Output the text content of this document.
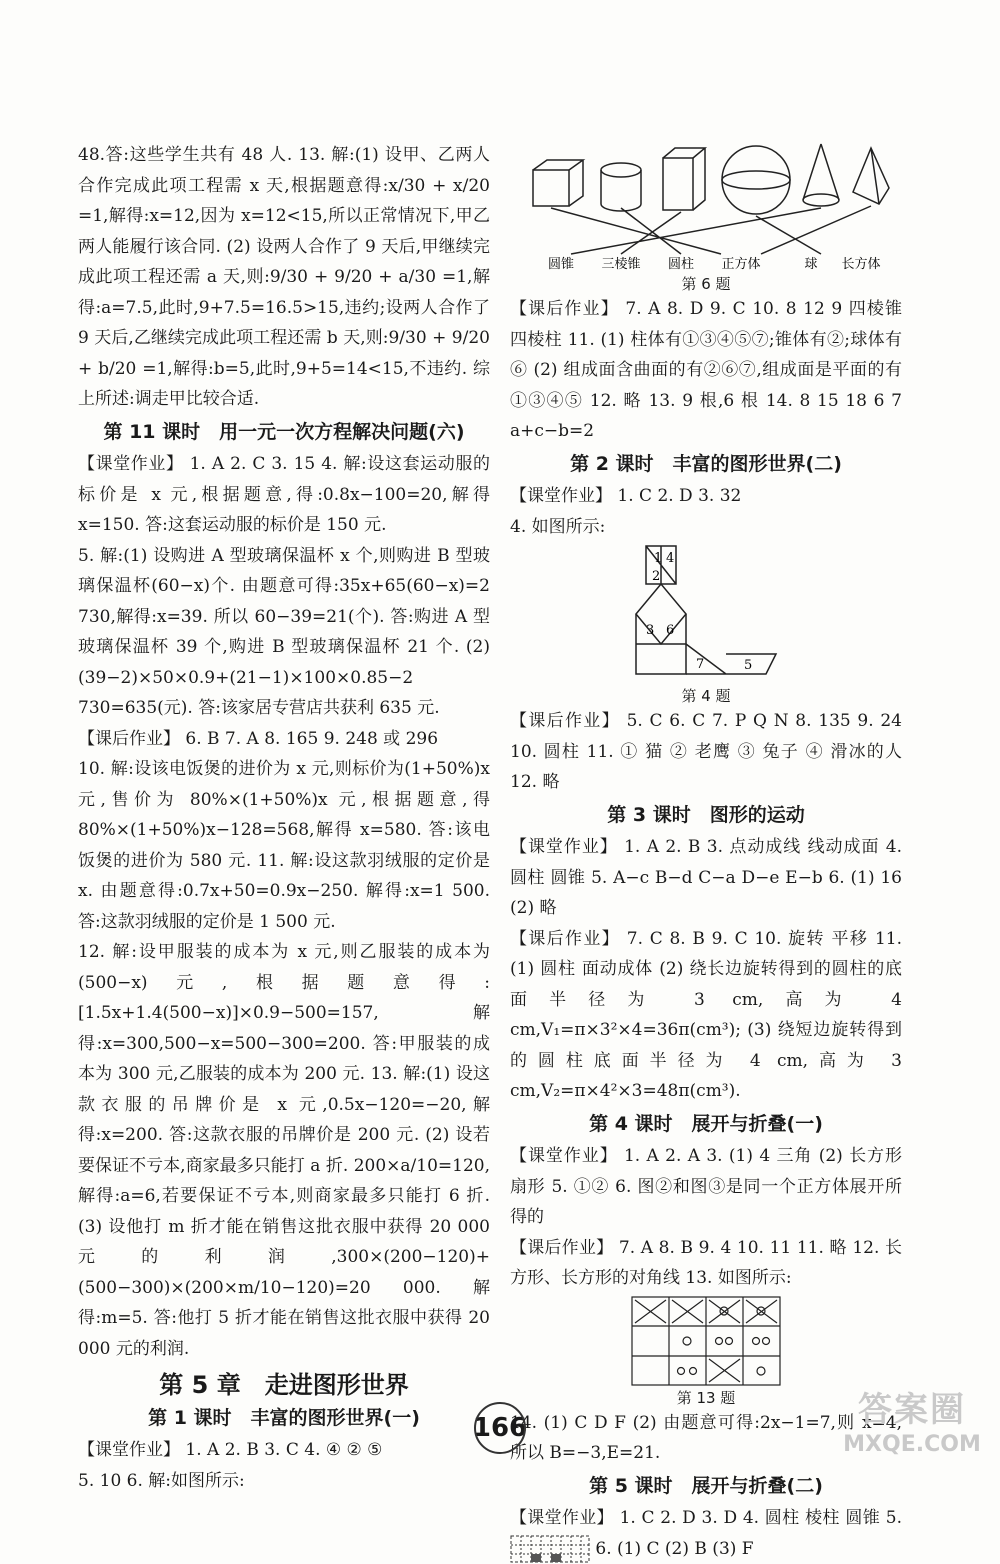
48.答:这些学生共有 48 人. 13. 解:(1) 设甲、乙两人合作完成此项工程需 x 天,根据题意得:x/30 + x/20 =1,解得:x=12,因为 x=12<15,所以正常情况下,甲乙两人能履行该合同. (2) 设两人合作了 9 天后,甲继续完成此项工程还需 a 天,则:9/30 + 9/20 + a/30 =1,解得:a=7.5,此时,9+7.5=16.5>15,违约;设两人合作了 9 天后,乙继续完成此项工程还需 b 天,则:9/30 + 9/20 + b/20 =1,解得:b=5,此时,9+5=14<15,不违约. 综上所述:调走甲比较合适.

第 11 课时　用一元一次方程解决问题(六)

【课堂作业】 1. A 2. C 3. 15 4. 解:设这套运动服的标价是 x 元,根据题意,得:0.8x−100=20,解得 x=150. 答:这套运动服的标价是 150 元.

5. 解:(1) 设购进 A 型玻璃保温杯 x 个,则购进 B 型玻璃保温杯(60−x)个. 由题意可得:35x+65(60−x)=2 730,解得:x=39. 所以 60−39=21(个). 答:购进 A 型玻璃保温杯 39 个,购进 B 型玻璃保温杯 21 个. (2) (39−2)×50×0.9+(21−1)×100×0.85−2 730=635(元). 答:该家居专营店共获利 635 元.

【课后作业】 6. B 7. A 8. 165 9. 248 或 296

10. 解:设该电饭煲的进价为 x 元,则标价为(1+50%)x 元,售价为 80%×(1+50%)x 元,根据题意,得 80%×(1+50%)x−128=568,解得 x=580. 答:该电饭煲的进价为 580 元. 11. 解:设这款羽绒服的定价是 x. 由题意得:0.7x+50=0.9x−250. 解得:x=1 500. 答:这款羽绒服的定价是 1 500 元.

12. 解:设甲服装的成本为 x 元,则乙服装的成本为(500−x)元,根据题意得:[1.5x+1.4(500−x)]×0.9−500=157,解得:x=300,500−x=500−300=200. 答:甲服装的成本为 300 元,乙服装的成本为 200 元. 13. 解:(1) 设这款衣服的吊牌价是 x 元,0.5x−120=−20,解得:x=200. 答:这款衣服的吊牌价是 200 元. (2) 设若要保证不亏本,商家最多只能打 a 折. 200×a/10=120,解得:a=6,若要保证不亏本,则商家最多只能打 6 折. (3) 设他打 m 折才能在销售这批衣服中获得 20 000 元的利润,300×(200−120)+(500−300)×(200×m/10−120)=20 000. 解得:m=5. 答:他打 5 折才能在销售这批衣服中获得 20 000 元的利润.

第 5 章　走进图形世界
第 1 课时　丰富的图形世界(一)

【课堂作业】 1. A 2. B 3. C 4. ④ ② ⑤

5. 10 6. 解:如图所示:

圆锥 三棱锥 圆柱 正方体	球 长方体
第 6 题

【课后作业】 7. A 8. D 9. C 10. 8 12 9 四棱锥 四棱柱 11. (1) 柱体有①③④⑤⑦;锥体有②;球体有⑥ (2) 组成面含曲面的有②⑥⑦,组成面是平面的有①③④⑤ 12. 略 13. 9 根,6 根 14. 8 15 18 6 7 a+c−b=2

第 2 课时　丰富的图形世界(二)

【课堂作业】 1. C 2. D 3. 32

4. 如图所示:

1
2
4
3 6
7	5
第 4 题

【课后作业】 5. C 6. C 7. P Q N 8. 135 9. 24 10. 圆柱 11. ① 猫 ② 老鹰 ③ 兔子 ④ 滑冰的人 12. 略

第 3 课时　图形的运动

【课堂作业】 1. A 2. B 3. 点动成线 线动成面 4. 圆柱 圆锥 5. A−c B−d C−a D−e E−b 6. (1) 16 (2) 略

【课后作业】 7. C 8. B 9. C 10. 旋转 平移 11. (1) 圆柱 面动成体 (2) 绕长边旋转得到的圆柱的底面半径为 3 cm,高为 4 cm,V₁=π×3²×4=36π(cm³); (3) 绕短边旋转得到的圆柱底面半径为 4 cm,高为 3 cm,V₂=π×4²×3=48π(cm³).

第 4 课时　展开与折叠(一)

【课堂作业】 1. A 2. A 3. (1) 4 三角 (2) 长方形 扇形 5. ①② 6. 图②和图③是同一个正方体展开所得的

【课后作业】 7. A 8. B 9. 4 10. 11 11. 略 12. 长方形、长方形的对角线 13. 如图所示:

第 13 题

14. (1) C D F (2) 由题意可得:2x−1=7,则 x=4,所以 B=−3,E=21.

第 5 课时　展开与折叠(二)

【课堂作业】 1. C 2. D 3. D 4. 圆柱 棱柱 圆锥 5.  6. (1) C (2) B (3) F

166	答案圈
MXQE.COM
